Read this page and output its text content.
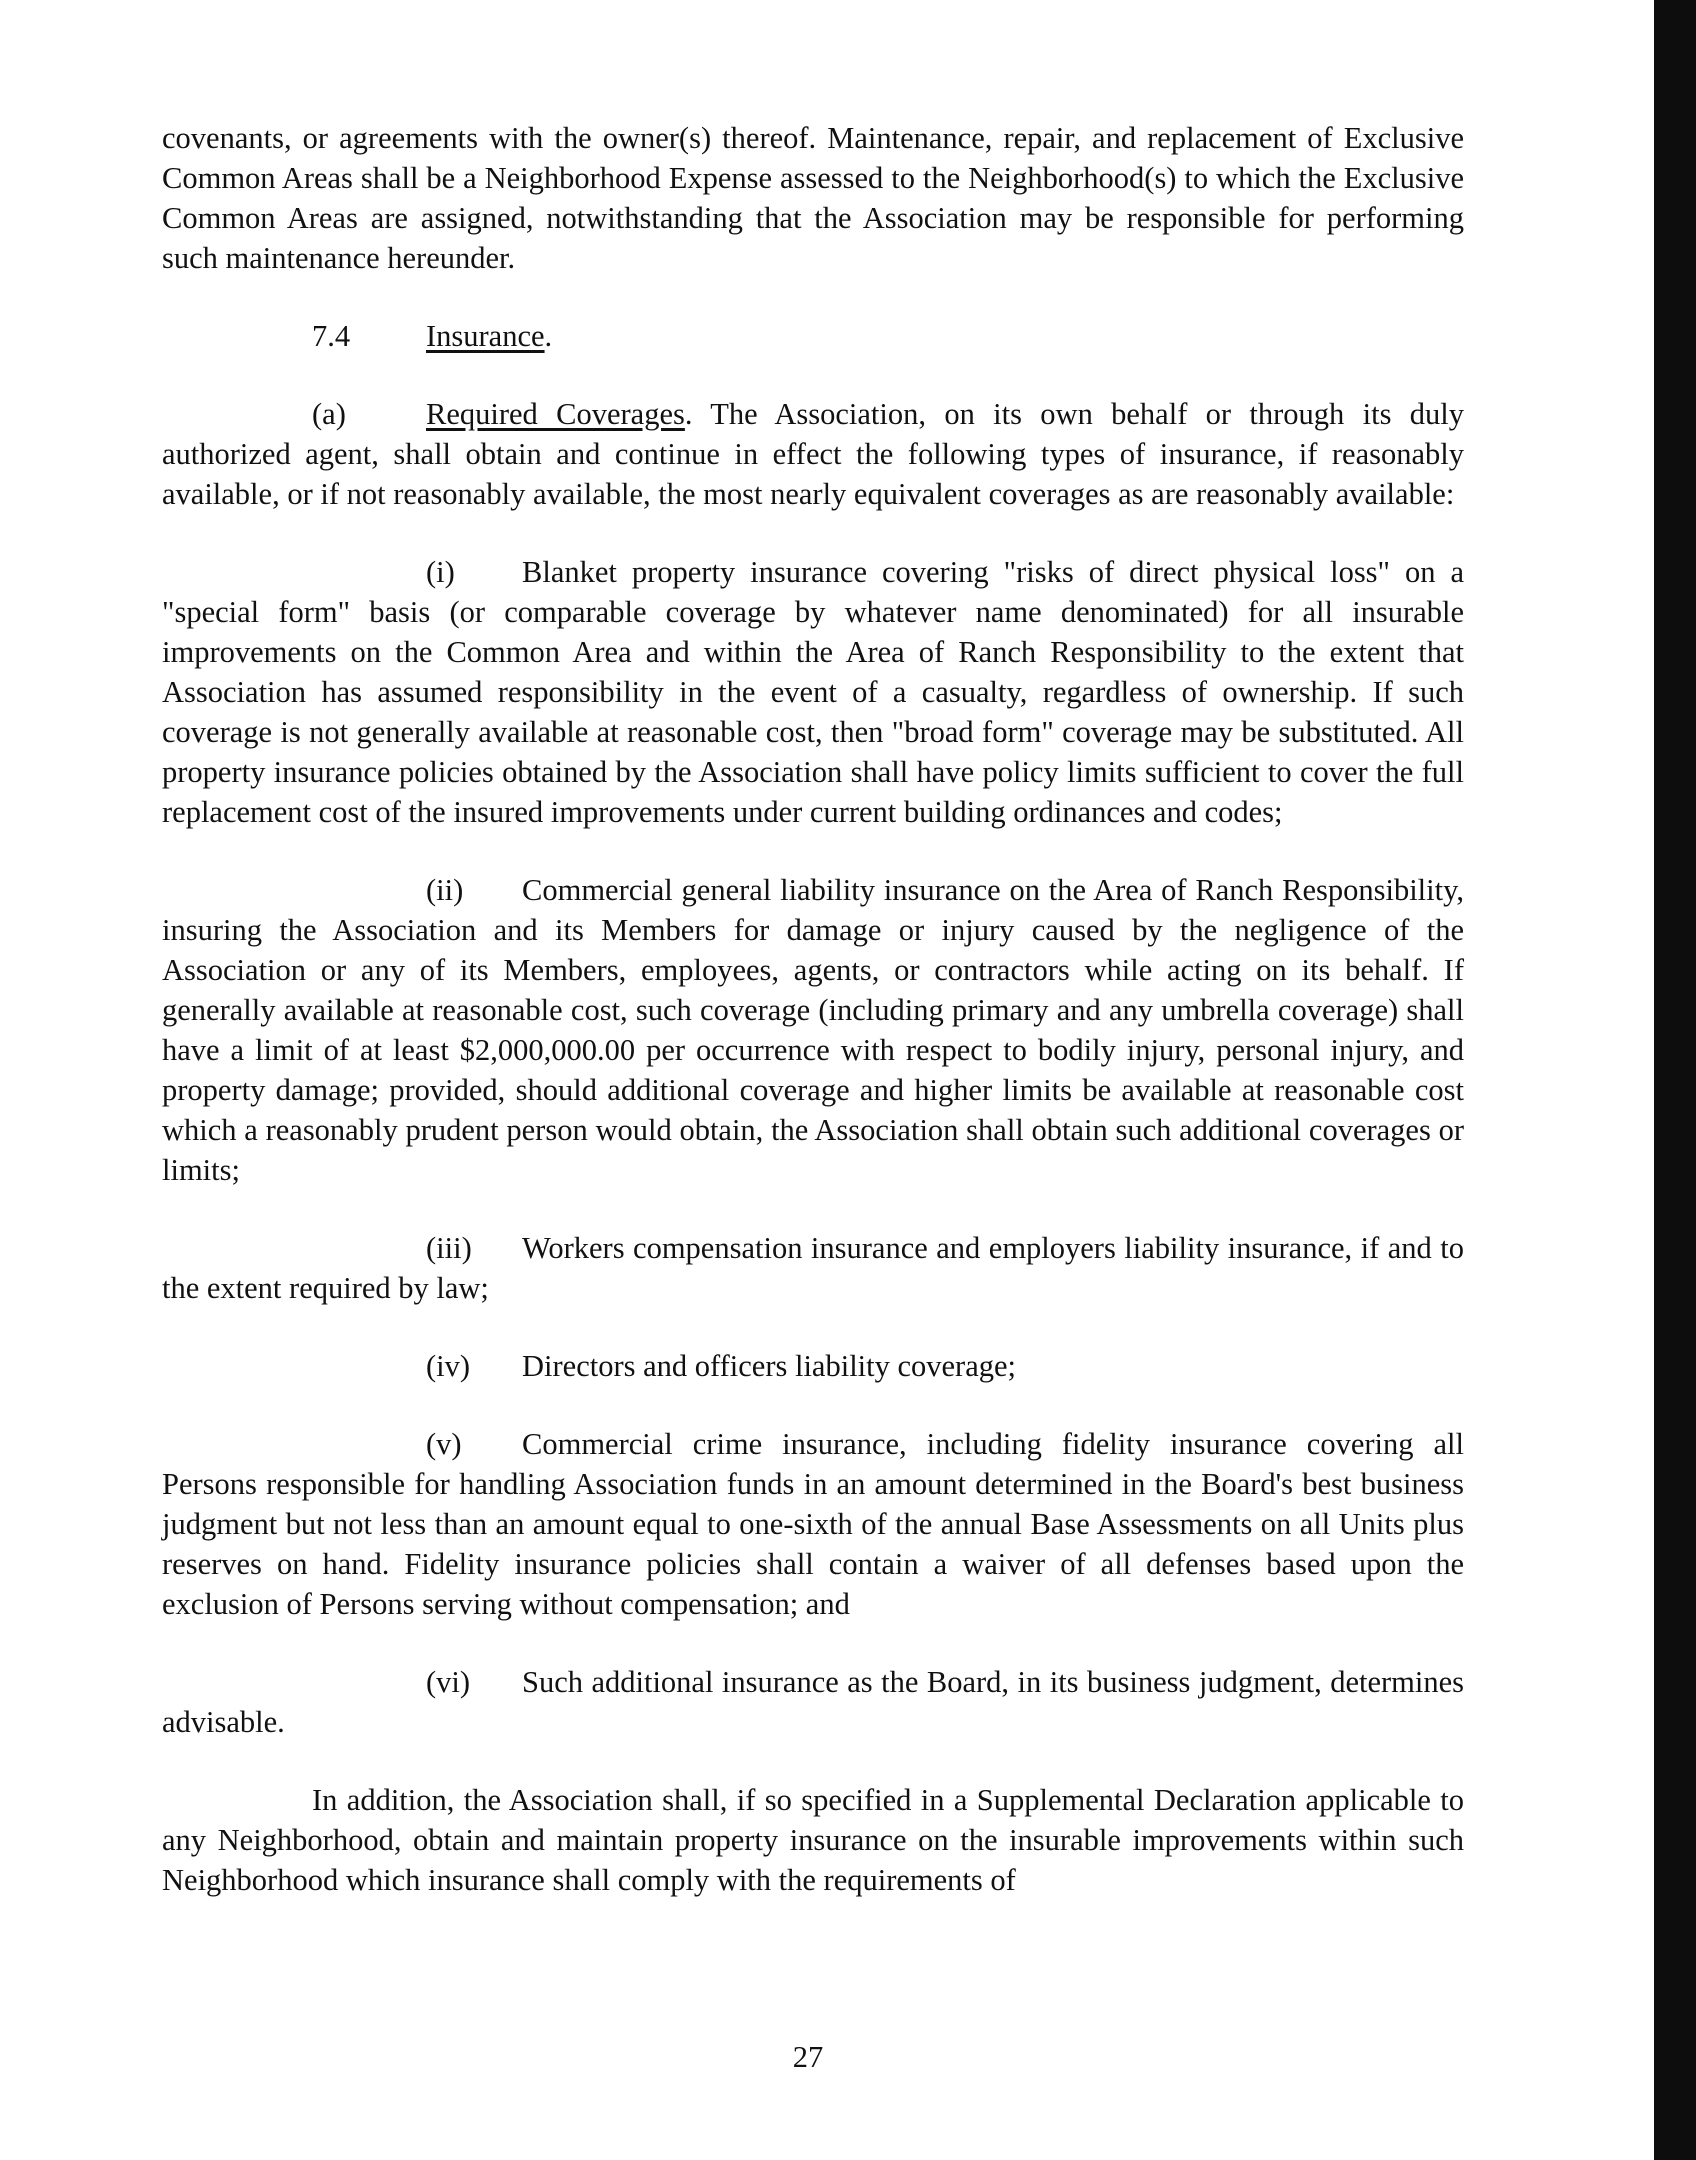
covenants, or agreements with the owner(s) thereof. Maintenance, repair, and replacement of Exclusive Common Areas shall be a Neighborhood Expense assessed to the Neighborhood(s) to which the Exclusive Common Areas are assigned, notwithstanding that the Association may be responsible for performing such maintenance hereunder.

7.4 Insurance.

(a)	Required Coverages. The Association, on its own behalf or through its duly authorized agent, shall obtain and continue in effect the following types of insurance, if reasonably available, or if not reasonably available, the most nearly equivalent coverages as are reasonably available:

(i) Blanket property insurance covering "risks of direct physical loss" on a "special form" basis (or comparable coverage by whatever name denominated) for all insurable improvements on the Common Area and within the Area of Ranch Responsibility to the extent that Association has assumed responsibility in the event of a casualty, regardless of ownership. If such coverage is not generally available at reasonable cost, then "broad form" coverage may be substituted. All property insurance policies obtained by the Association shall have policy limits sufficient to cover the full replacement cost of the insured improvements under current building ordinances and codes;

(ii) Commercial general liability insurance on the Area of Ranch Responsibility, insuring the Association and its Members for damage or injury caused by the negligence of the Association or any of its Members, employees, agents, or contractors while acting on its behalf. If generally available at reasonable cost, such coverage (including primary and any umbrella coverage) shall have a limit of at least $2,000,000.00 per occurrence with respect to bodily injury, personal injury, and property damage; provided, should additional coverage and higher limits be available at reasonable cost which a reasonably prudent person would obtain, the Association shall obtain such additional coverages or limits;

(iii) Workers compensation insurance and employers liability insurance, if and to the extent required by law;

(iv) Directors and officers liability coverage;

(v) Commercial crime insurance, including fidelity insurance covering all Persons responsible for handling Association funds in an amount determined in the Board's best business judgment but not less than an amount equal to one-sixth of the annual Base Assessments on all Units plus reserves on hand. Fidelity insurance policies shall contain a waiver of all defenses based upon the exclusion of Persons serving without compensation; and

(vi) Such additional insurance as the Board, in its business judgment, determines advisable.

In addition, the Association shall, if so specified in a Supplemental Declaration applicable to any Neighborhood, obtain and maintain property insurance on the insurable improvements within such Neighborhood which insurance shall comply with the requirements of

27
